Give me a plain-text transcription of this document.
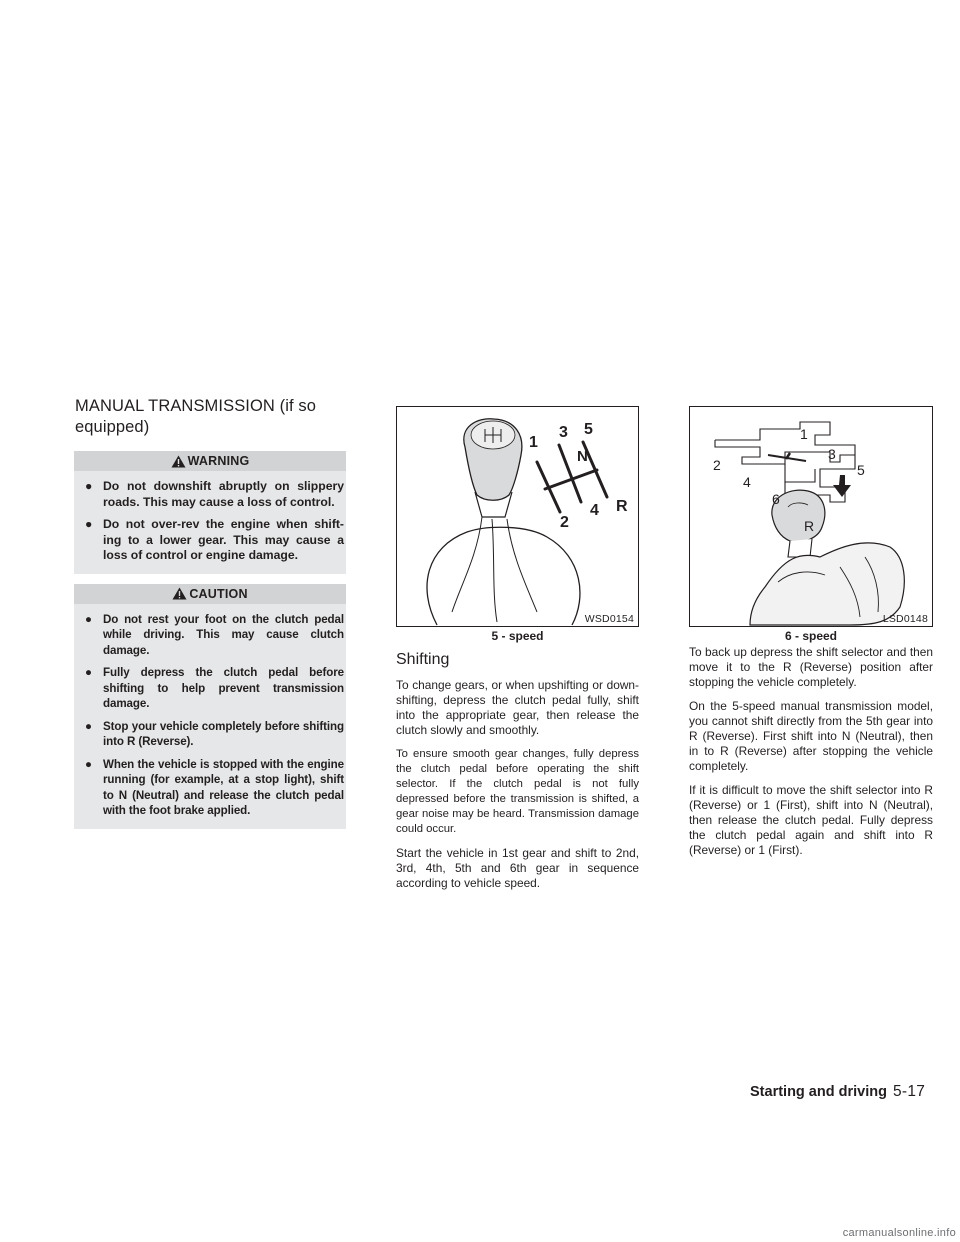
MANUAL TRANSMISSION (if so equipped)
WARNING
● Do not downshift abruptly on slippery roads. This may cause a loss of control.
● Do not over-rev the engine when shift- ing to a lower gear. This may cause a loss of control or engine damage.
CAUTION
● Do not rest your foot on the clutch pedal while driving. This may cause clutch damage.
● Fully depress the clutch pedal before shifting to help prevent transmission damage.
● Stop your vehicle completely before shifting into R (Reverse).
● When the vehicle is stopped with the engine running (for example, at a stop light), shift to N (Neutral) and release the clutch pedal with the foot brake applied.
1
3 5
N
2
4 R
WSD0154
5 - speed
Shifting

To change gears, or when upshifting or down- shifting, depress the clutch pedal fully, shift into the appropriate gear, then release the clutch slowly and smoothly.

To ensure smooth gear changes, fully depress the clutch pedal before operating the shift selector. If the clutch pedal is not fully depressed before the transmission is shifted, a gear noise may be heard. Transmission damage could occur.

Start the vehicle in 1st gear and shift to 2nd, 3rd, 4th, 5th and 6th gear in sequence according to vehicle speed.

1
2
3
4
5
6
R
LSD0148
6 - speed

To back up depress the shift selector and then move it to the R (Reverse) position after stopping the vehicle completely.

On the 5-speed manual transmission model, you cannot shift directly from the 5th gear into R (Reverse). First shift into N (Neutral), then in to R (Reverse) after stopping the vehicle completely.

If it is difficult to move the shift selector into R (Reverse) or 1 (First), shift into N (Neutral), then release the clutch pedal. Fully depress the clutch pedal again and shift into R (Reverse) or 1 (First).

Starting and driving 5-17
carmanualsonline.info
